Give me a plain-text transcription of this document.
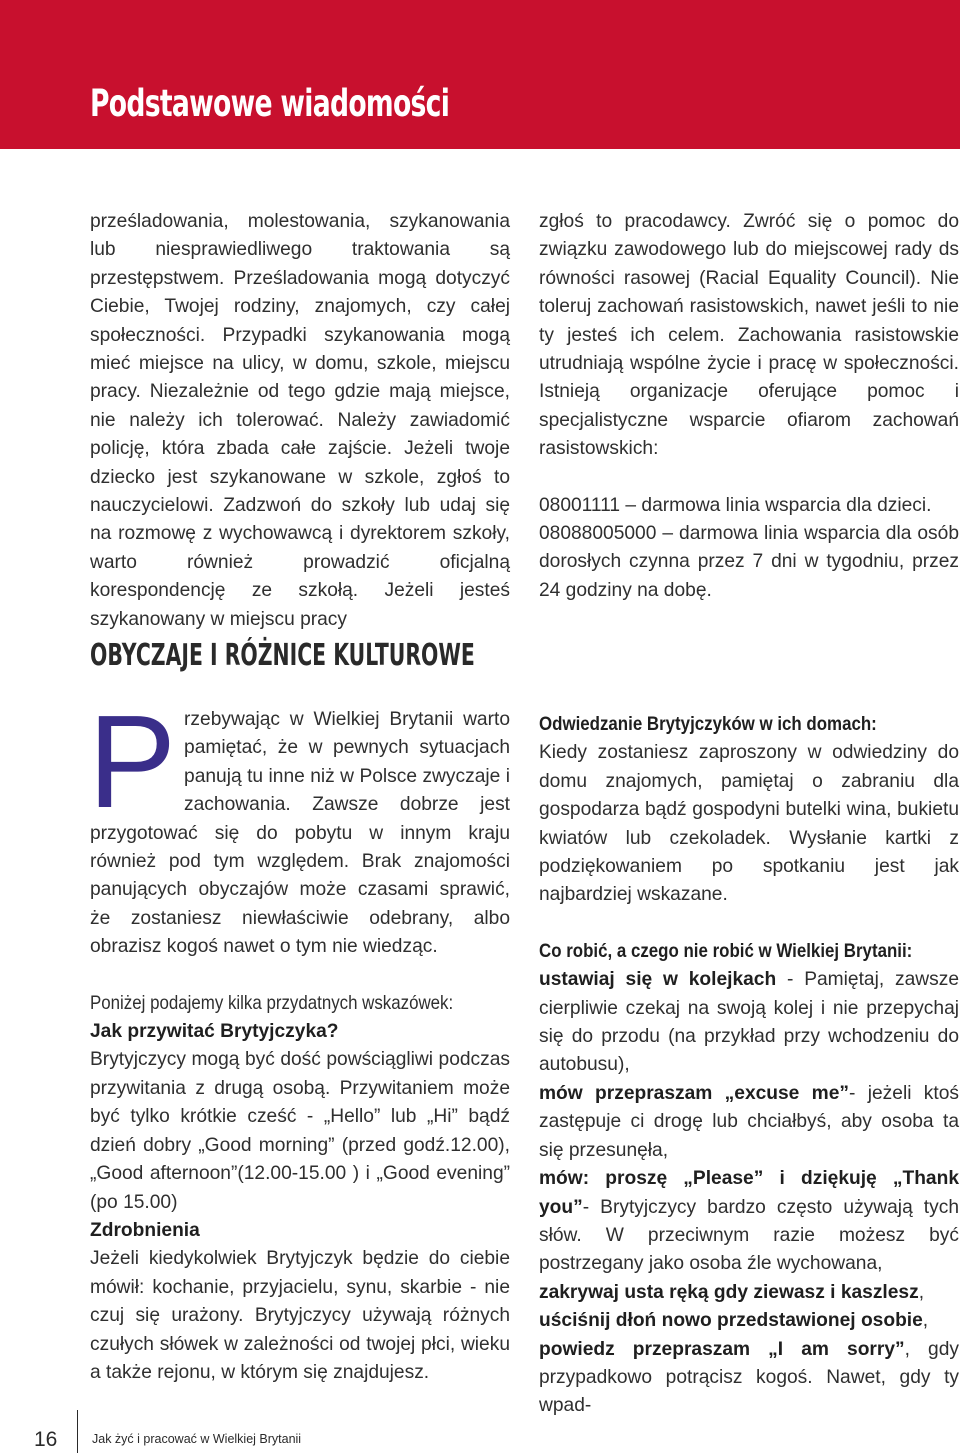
Podstawowe wiadomości

prześladowania, molestowania, szykanowania lub niesprawiedliwego traktowania są przestępstwem. Prześladowania mogą dotyczyć Ciebie, Twojej rodziny, znajomych, czy całej społeczności. Przypadki szykanowania mogą mieć miejsce na ulicy, w domu, szkole, miejscu pracy. Niezależnie od tego gdzie mają miejsce, nie należy ich tolerować. Należy zawiadomić policję, która zbada całe zajście. Jeżeli twoje dziecko jest szykanowane w szkole, zgłoś to nauczycielowi. Zadzwoń do szkoły lub udaj się na rozmowę z wychowawcą i dyrektorem szkoły, warto również prowadzić oficjalną korespondencję ze szkołą. Jeżeli jesteś szykanowany w miejscu pracy

zgłoś to pracodawcy. Zwróć się o pomoc do związku zawodowego lub do miejscowej rady ds równości rasowej (Racial Equality Council). Nie toleruj zachowań rasistowskich, nawet jeśli to nie ty jesteś ich celem. Zachowania rasistowskie utrudniają wspólne życie i pracę w społeczności. Istnieją organizacje oferujące pomoc i specjalistyczne wsparcie ofiarom zachowań rasistowskich:

08001111 – darmowa linia wsparcia dla dzieci.

08088005000 – darmowa linia wsparcia dla osób dorosłych czynna przez 7 dni w tygodniu, przez 24 godziny na dobę.

OBYCZAJE I RÓŻNICE KULTUROWE

Przebywając w Wielkiej Brytanii warto pamiętać, że w pewnych sytuacjach panują tu inne niż w Polsce zwyczaje i zachowania. Zawsze dobrze jest przygotować się do pobytu w innym kraju również pod tym względem. Brak znajomości panujących obyczajów może czasami sprawić, że zostaniesz niewłaściwie odebrany, albo obrazisz kogoś nawet o tym nie wiedząc.

Poniżej podajemy kilka przydatnych wskazówek:

Jak przywitać Brytyjczyka?

Brytyjczycy mogą być dość powściągliwi podczas przywitania z drugą osobą. Przywitaniem może być tylko krótkie cześć - „Hello” lub „Hi” bądź dzień dobry „Good morning” (przed godź.12.00), „Good afternoon”(12.00-15.00 ) i „Good evening” (po 15.00)

Zdrobnienia

Jeżeli kiedykolwiek Brytyjczyk będzie do ciebie mówił: kochanie, przyjacielu, synu, skarbie - nie czuj się urażony. Brytyjczycy używają różnych czułych słówek w zależności od twojej płci, wieku a także rejonu, w którym się znajdujesz.

Odwiedzanie Brytyjczyków w ich domach:

Kiedy zostaniesz zaproszony w odwiedziny do domu znajomych, pamiętaj o zabraniu dla gospodarza bądź gospodyni butelki wina, bukietu kwiatów lub czekoladek. Wysłanie kartki z podziękowaniem po spotkaniu jest jak najbardziej wskazane.

Co robić, a czego nie robić w Wielkiej Brytanii:

ustawiaj się w kolejkach - Pamiętaj, zawsze cierpliwie czekaj na swoją kolej i nie przepychaj się do przodu (na przykład przy wchodzeniu do autobusu),

mów przepraszam „excuse me”- jeżeli ktoś zastępuje ci drogę lub chciałbyś, aby osoba ta się przesunęła,

mów: proszę „Please” i dziękuję „Thank you”- Brytyjczycy bardzo często używają tych słów. W przeciwnym razie możesz być postrzegany jako osoba źle wychowana,

zakrywaj usta ręką gdy ziewasz i kaszlesz,

uściśnij dłoń nowo przedstawionej osobie,

powiedz przepraszam „I am sorry”, gdy przypadkowo potrącisz kogoś. Nawet, gdy ty wpad-

16	Jak żyć i pracować w Wielkiej Brytanii
